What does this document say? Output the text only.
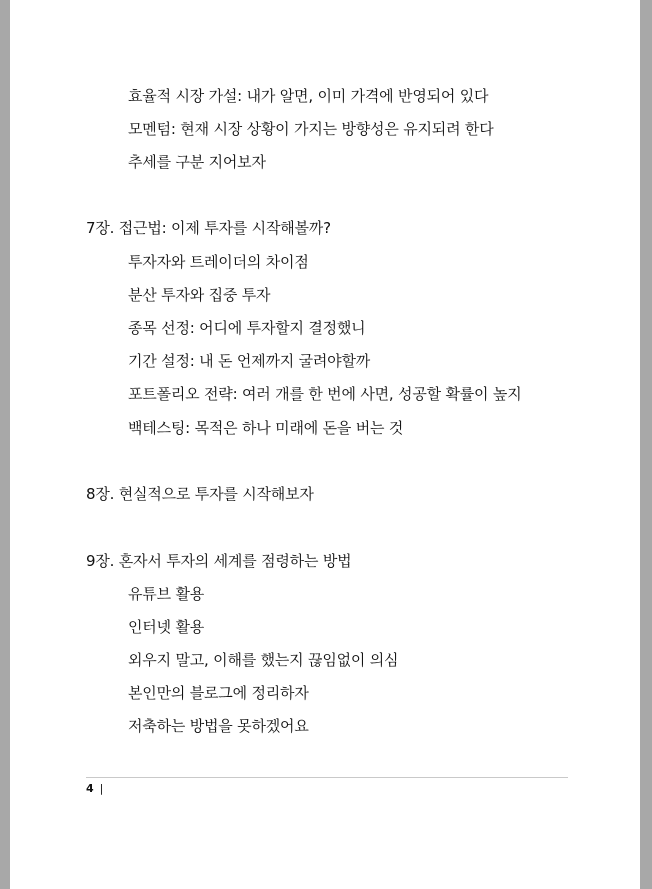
효율적 시장 가설: 내가 알면, 이미 가격에 반영되어 있다
모멘텀: 현재 시장 상황이 가지는 방향성은 유지되려 한다
추세를 구분 지어보자
7장. 접근법: 이제 투자를 시작해볼까?
투자자와 트레이더의 차이점
분산 투자와 집중 투자
종목 선정: 어디에 투자할지 결정했니
기간 설정: 내 돈 언제까지 굴려야할까
포트폴리오 전략: 여러 개를 한 번에 사면, 성공할 확률이 높지
백테스팅: 목적은 하나 미래에 돈을 버는 것
8장. 현실적으로 투자를 시작해보자
9장. 혼자서 투자의 세계를 점령하는 방법
유튜브 활용
인터넷 활용
외우지 말고, 이해를 했는지 끊임없이 의심
본인만의 블로그에 정리하자
저축하는 방법을 못하겠어요
4 |
